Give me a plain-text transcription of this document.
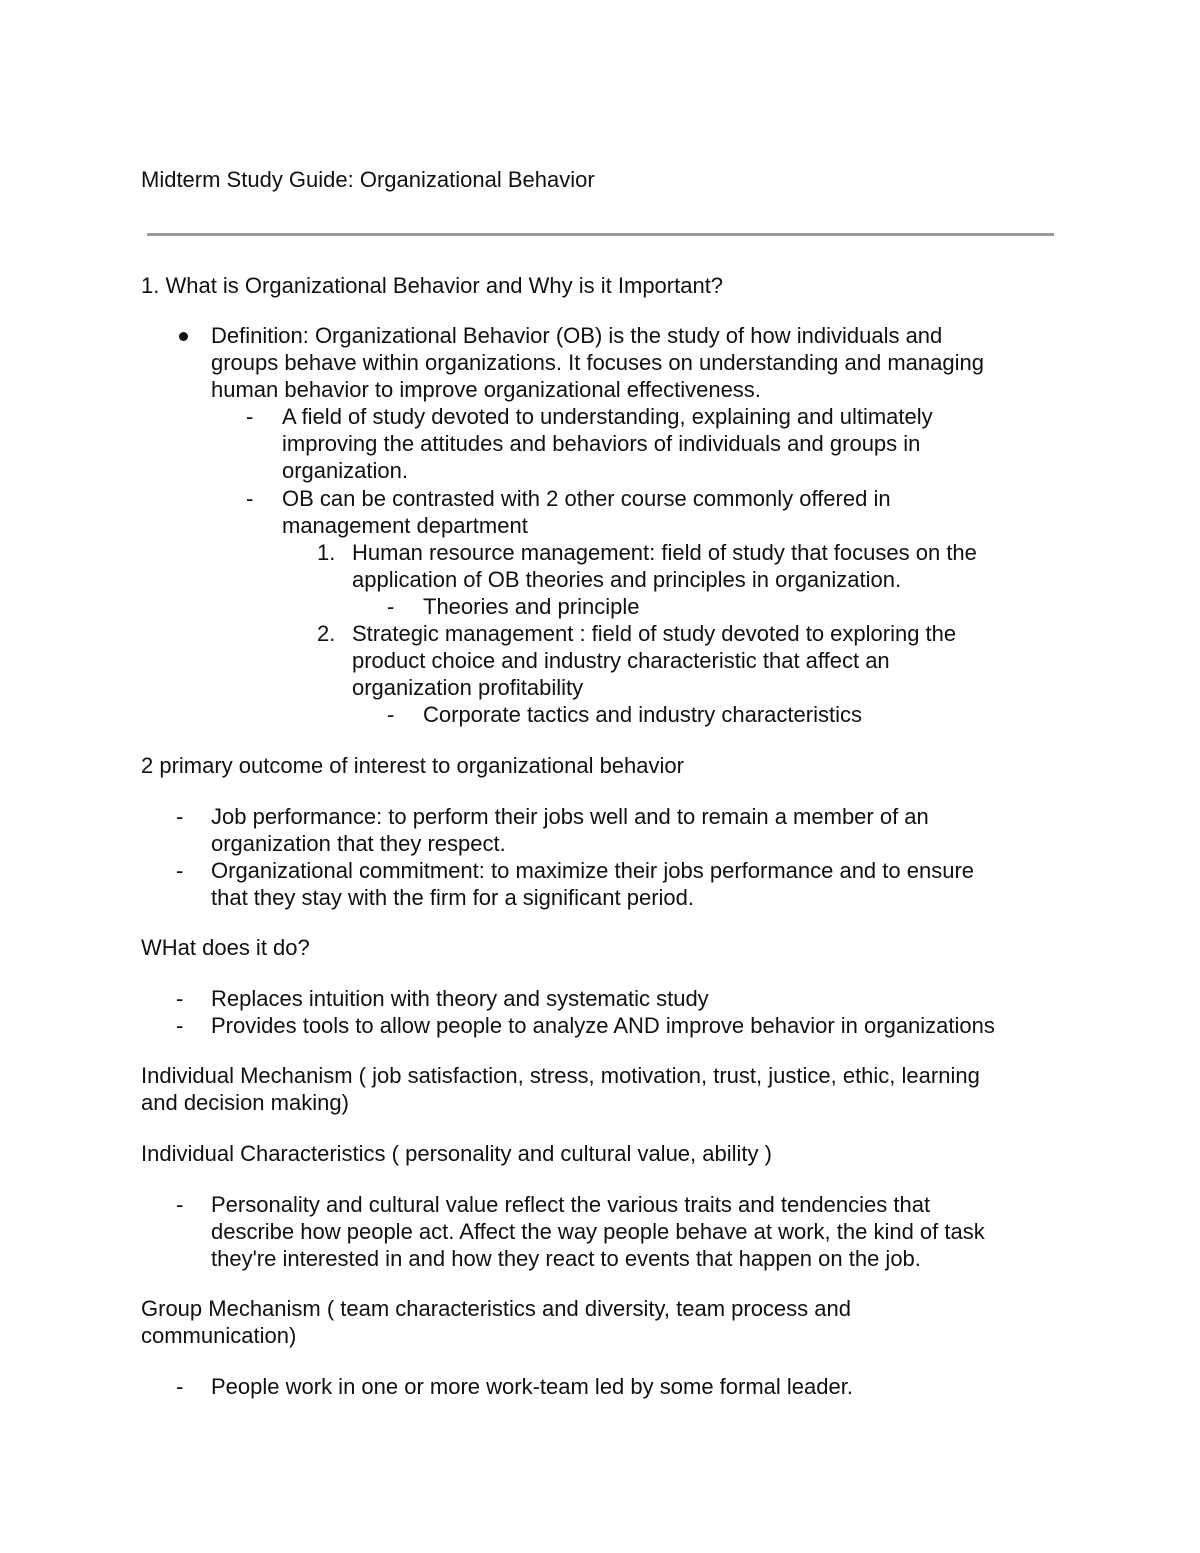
Midterm Study Guide: Organizational Behavior
1. What is Organizational Behavior and Why is it Important?
Definition: Organizational Behavior (OB) is the study of how individuals and
groups behave within organizations. It focuses on understanding and managing
human behavior to improve organizational effectiveness.
- A field of study devoted to understanding, explaining and ultimately
improving the attitudes and behaviors of individuals and groups in
organization.
- OB can be contrasted with 2 other course commonly offered in
management department
1. Human resource management: field of study that focuses on the
application of OB theories and principles in organization.
- Theories and principle
2. Strategic management : field of study devoted to exploring the
product choice and industry characteristic that affect an
organization profitability
- Corporate tactics and industry characteristics
2 primary outcome of interest to organizational behavior
- Job performance: to perform their jobs well and to remain a member of an
organization that they respect.
- Organizational commitment: to maximize their jobs performance and to ensure
that they stay with the firm for a significant period.
WHat does it do?
- Replaces intuition with theory and systematic study
- Provides tools to allow people to analyze AND improve behavior in organizations
Individual Mechanism ( job satisfaction, stress, motivation, trust, justice, ethic, learning
and decision making)
Individual Characteristics ( personality and cultural value, ability )
- Personality and cultural value reflect the various traits and tendencies that
describe how people act. Affect the way people behave at work, the kind of task
they're interested in and how they react to events that happen on the job.
Group Mechanism ( team characteristics and diversity, team process and
communication)
- People work in one or more work-team led by some formal leader.
